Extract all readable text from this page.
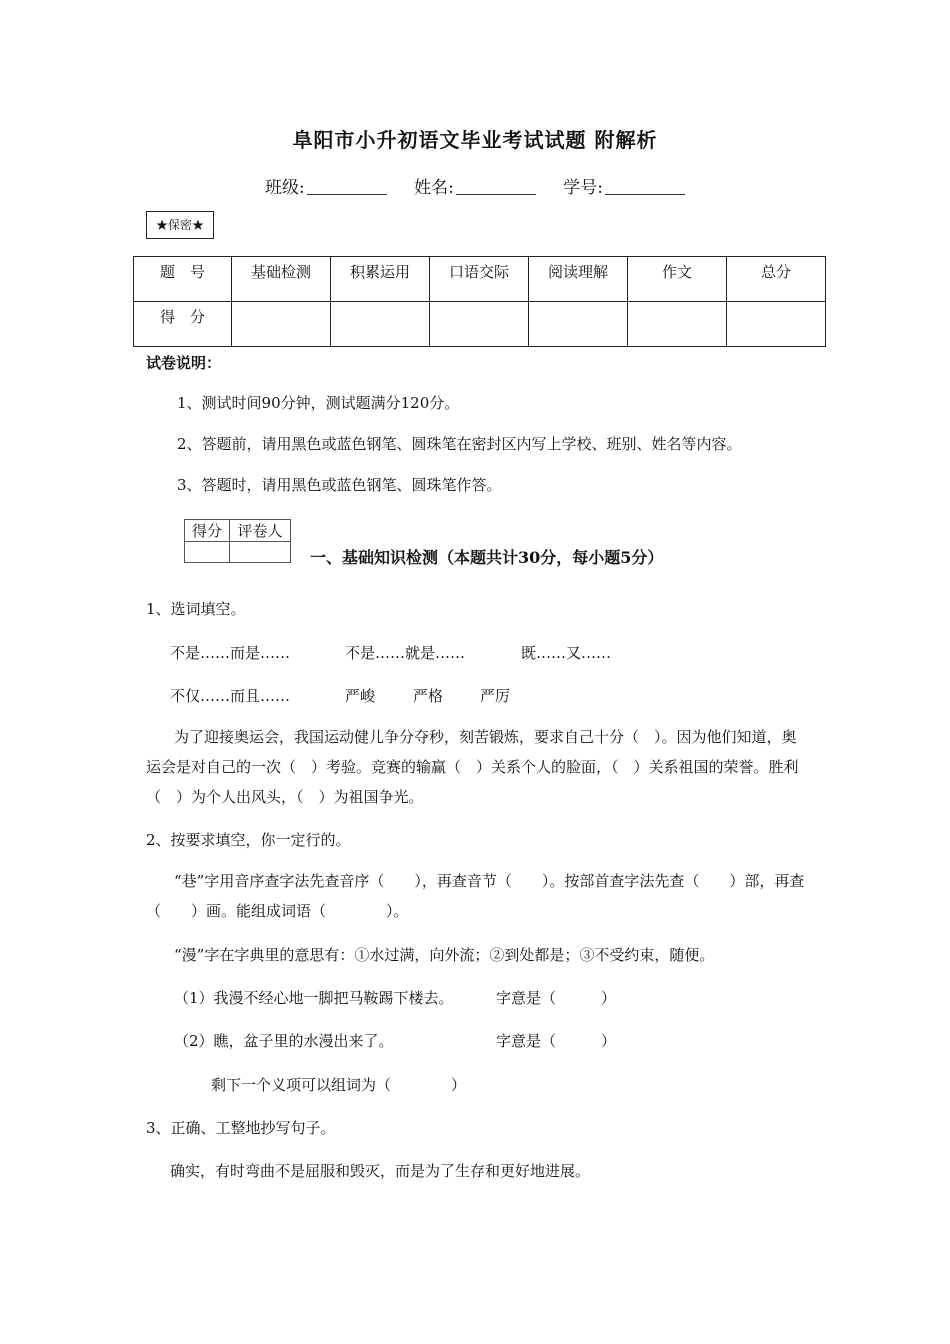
阜阳市小升初语文毕业考试试题 附解析
班级:	姓名:	学号:
★保密★
题　号	基础检测	积累运用	口语交际	阅读理解	作文	总分
得　分						
试卷说明：
1、测试时间90分钟，测试题满分120分。
2、答题前，请用黑色或蓝色钢笔、圆珠笔在密封区内写上学校、班别、姓名等内容。
3、答题时，请用黑色或蓝色钢笔、圆珠笔作答。
得分	评卷人

一、基础知识检测（本题共计30分，每小题5分）
1、选词填空。
不是……而是……	不是……就是……	既……又……
不仅……而且……	严峻	严格 严厉
为了迎接奥运会，我国运动健儿争分夺秒，刻苦锻炼，要求自己十分（　）。因为他们知道，奥运会是对自己的一次（　）考验。竞赛的输赢（　）关系个人的脸面，（　）关系祖国的荣誉。胜利（　）为个人出风头，（　）为祖国争光。
2、按要求填空，你一定行的。
“巷”字用音序查字法先查音序（　　），再查音节（　　）。按部首查字法先查（　　）部，再查（　　）画。能组成词语（　　　　）。
“漫”字在字典里的意思有：①水过满，向外流；②到处都是；③不受约束，随便。
（1）我漫不经心地一脚把马鞍踢下楼去。	字意是（　　　）
（2）瞧，盆子里的水漫出来了。	字意是（　　　）
剩下一个义项可以组词为（　　　　）
3、正确、工整地抄写句子。
确实，有时弯曲不是屈服和毁灭，而是为了生存和更好地进展。
